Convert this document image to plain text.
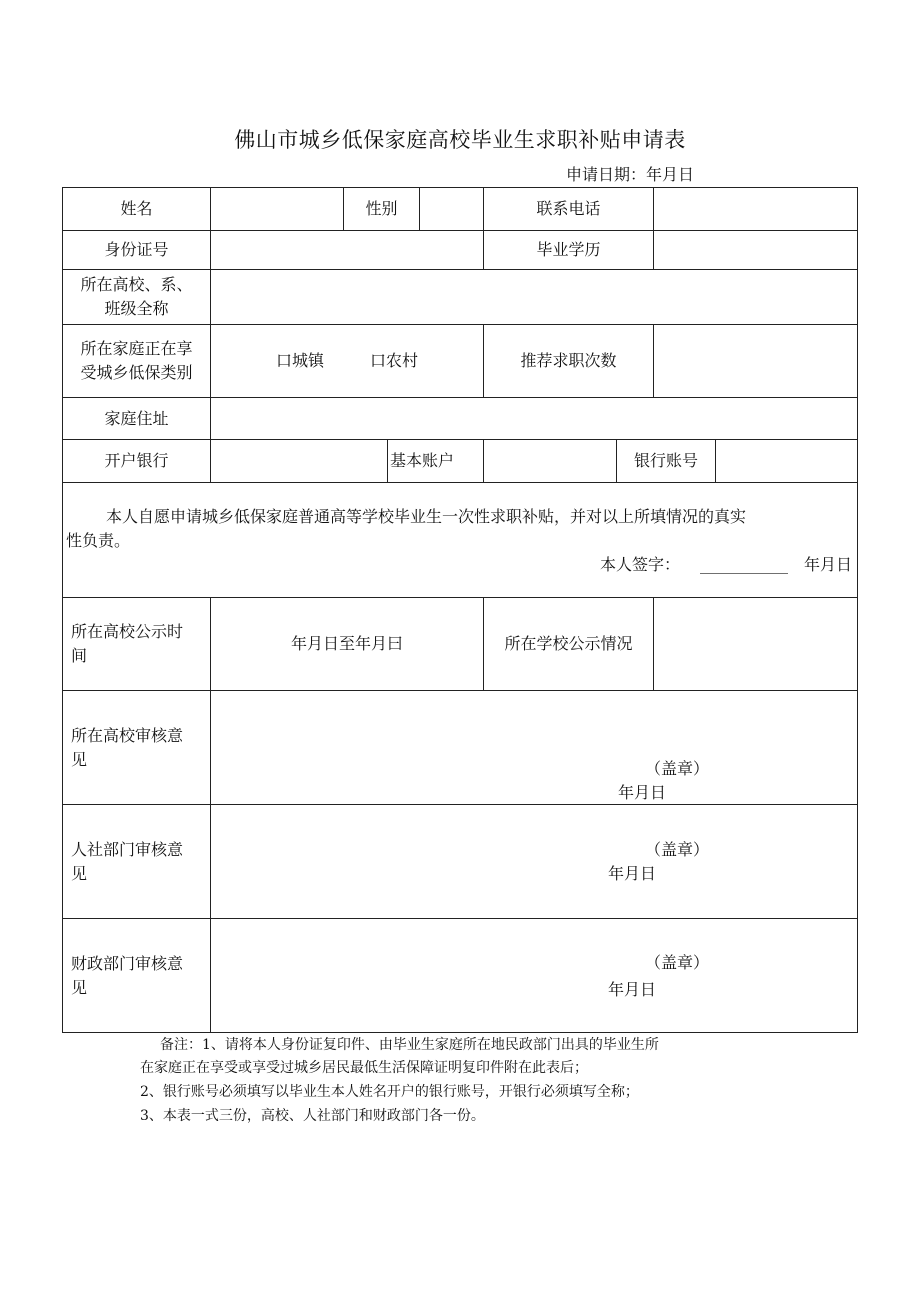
佛山市城乡低保家庭高校毕业生求职补贴申请表
申请日期：年月日
姓名	性别	联系电话
身份证号	毕业学历
所在高校、系、
班级全称
所在家庭正在享
受城乡低保类别
口城镇	口农村	推荐求职次数
家庭住址
开户银行	基本账户	银行账号
本人自愿申请城乡低保家庭普通高等学校毕业生一次性求职补贴，并对以上所填情况的真实
性负责。
本人签字： ___________ 年月日
所在高校公示时
间
年月日至年月曰	所在学校公示情况
所在高校审核意
见	（盖章）
年月日
人社部门审核意
见
（盖章）
年月日
财政部门审核意
见
（盖章）
年月日
备注：1、请将本人身份证复印件、由毕业生家庭所在地民政部门出具的毕业生所
在家庭正在享受或享受过城乡居民最低生活保障证明复印件附在此表后；
2、银行账号必须填写以毕业生本人姓名开户的银行账号，开银行必须填写全称；
3、本表一式三份，高校、人社部门和财政部门各一份。
